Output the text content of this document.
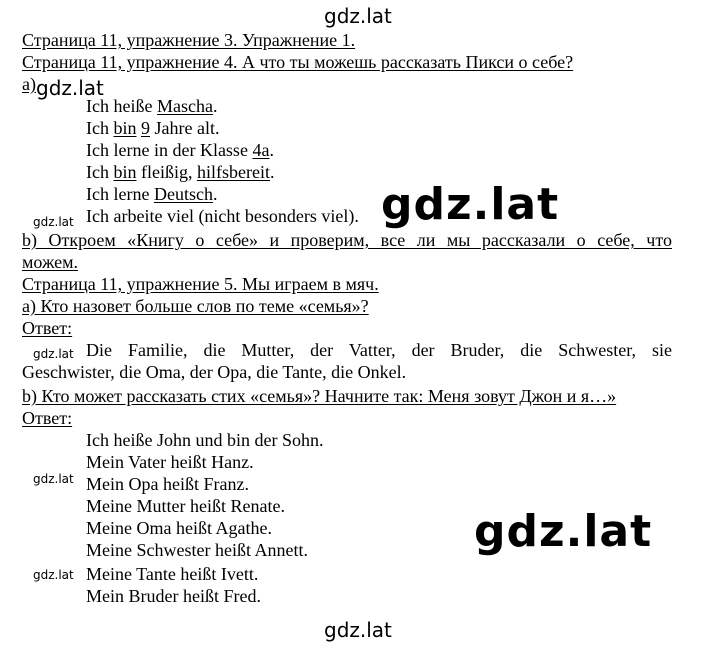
gdz.lat
gdz.lat
gdz.lat	gdz.lat
gdz.lat
gdz.lat
gdz.lat
gdz.lat
gdz.lat
Страница 11, упражнение 3. Упражнение 1.
Страница 11, упражнение 4. А что ты можешь рассказать Пикси о себе?
а)
Ich heiße Mascha.
Ich bin 9 Jahre alt.
Ich lerne in der Klasse 4a.
Ich bin fleißig, hilfsbereit.
Ich lerne Deutsch.
Ich arbeite viel (nicht besonders viel).
b) Откроем «Книгу о себе» и проверим, все ли мы рассказали о себе, что
можем.
Страница 11, упражнение 5. Мы играем в мяч.
а) Кто назовет больше слов по теме «семья»?
Ответ:
Die Familie, die Mutter, der Vatter, der Bruder, die Schwester, sie
Geschwister, die Oma, der Opa, die Tante, die Onkel.
b) Кто может рассказать стих «семья»? Начните так: Меня зовут Джон и я…»
Ответ:
Ich heiße John und bin der Sohn.
Mein Vater heißt Hanz.
Mein Opa heißt Franz.
Meine Mutter heißt Renate.
Meine Oma heißt Agathe.
Meine Schwester heißt Annett.
Meine Tante heißt Ivett.
Mein Bruder heißt Fred.
